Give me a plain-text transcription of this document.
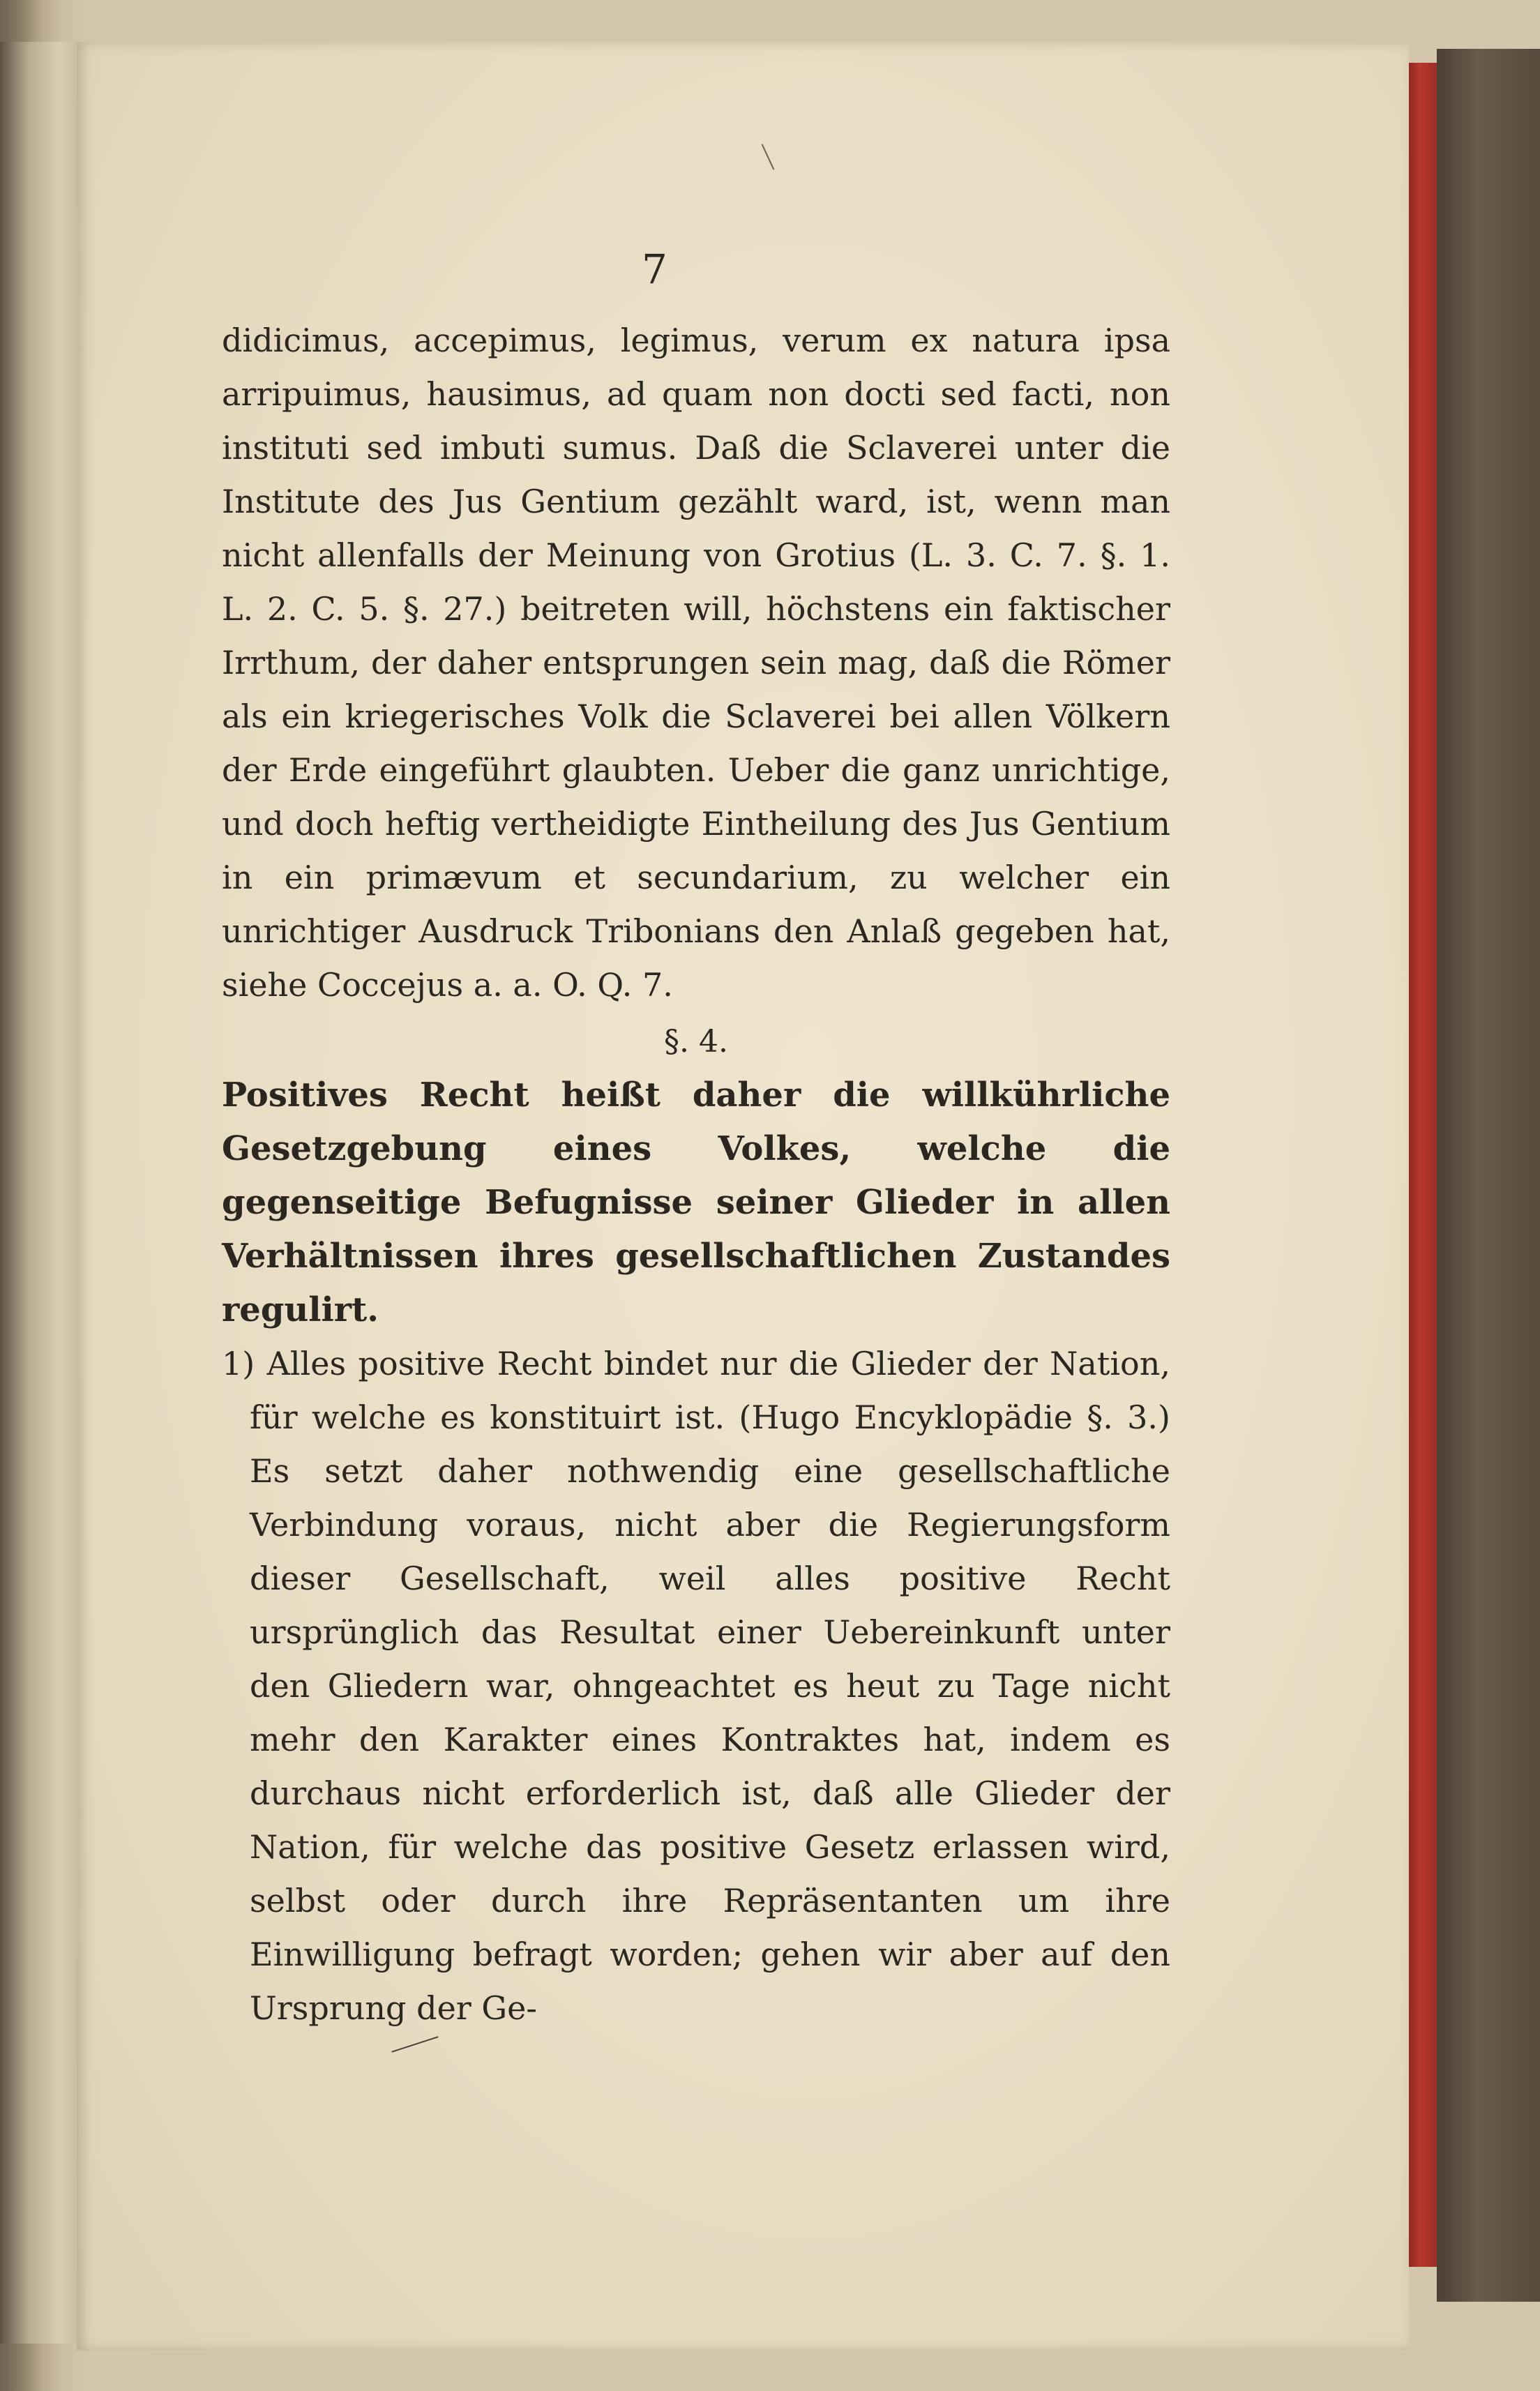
7

didicimus, accepimus, legimus, verum ex natura ipsa arripuimus, hausimus, ad quam non docti sed facti, non instituti sed imbuti sumus. Daß die Sclaverei unter die Institute des Jus Gentium gezählt ward, ist, wenn man nicht allenfalls der Meinung von Grotius (L. 3. C. 7. §. 1. L. 2. C. 5. §. 27.) beitreten will, höchstens ein faktischer Irrthum, der daher entsprungen sein mag, daß die Römer als ein kriegerisches Volk die Sclaverei bei allen Völkern der Erde eingeführt glaubten. Ueber die ganz unrichtige, und doch heftig vertheidigte Eintheilung des Jus Gentium in ein primævum et secundarium, zu welcher ein unrichtiger Ausdruck Tribonians den Anlaß gegeben hat, siehe Coccejus a. a. O. Q. 7.

§. 4.

Positives Recht heißt daher die willkührliche Gesetzgebung eines Volkes, welche die gegenseitige Befugnisse seiner Glieder in allen Verhältnissen ihres gesellschaftlichen Zustandes regulirt.

1) Alles positive Recht bindet nur die Glieder der Nation, für welche es konstituirt ist. (Hugo Encyklopädie §. 3.) Es setzt daher nothwendig eine gesellschaftliche Verbindung voraus, nicht aber die Regierungsform dieser Gesellschaft, weil alles positive Recht ursprünglich das Resultat einer Uebereinkunft unter den Gliedern war, ohngeachtet es heut zu Tage nicht mehr den Karakter eines Kontraktes hat, indem es durchaus nicht erforderlich ist, daß alle Glieder der Nation, für welche das positive Gesetz erlassen wird, selbst oder durch ihre Repräsentanten um ihre Einwilligung befragt worden; gehen wir aber auf den Ursprung der Ge-
